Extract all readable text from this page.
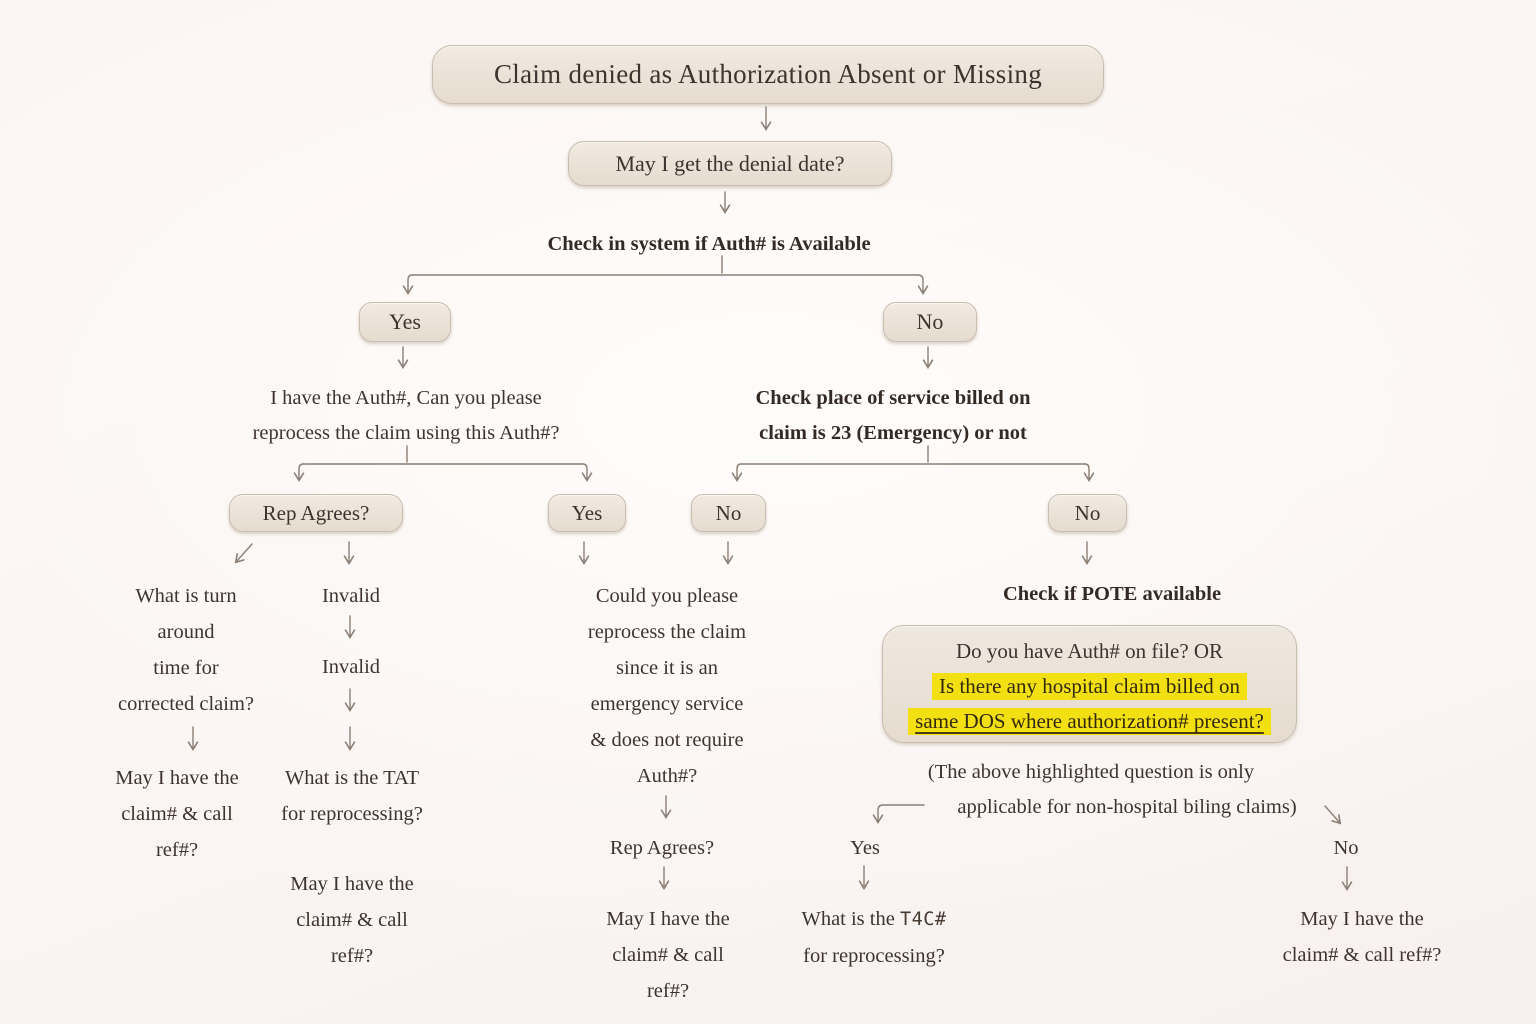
Claim denied as Authorization Absent or Missing
May I get the denial date?
Check in system if Auth# is Available
Yes	No
I have the Auth#, Can you please
reprocess the claim using this Auth#?
Check place of service billed on
claim is 23 (Emergency) or not
Rep Agrees?	Yes	No	No
What is turn
around
time for
corrected claim?
May I have the
claim# & call
ref#?
Invalid
Invalid
What is the TAT
for reprocessing?
May I have the
claim# & call
ref#?
Could you please
reprocess the claim
since it is an
emergency service
& does not require
Auth#?
Rep Agrees?
May I have the
claim# & call
ref#?
Check if POTE available
Do you have Auth# on file? OR
Is there any hospital claim billed on
same DOS where authorization# present?
(The above highlighted question is only
applicable for non-hospital biling claims)
Yes	No
What is the T4C#
for reprocessing?
May I have the
claim# & call ref#?
